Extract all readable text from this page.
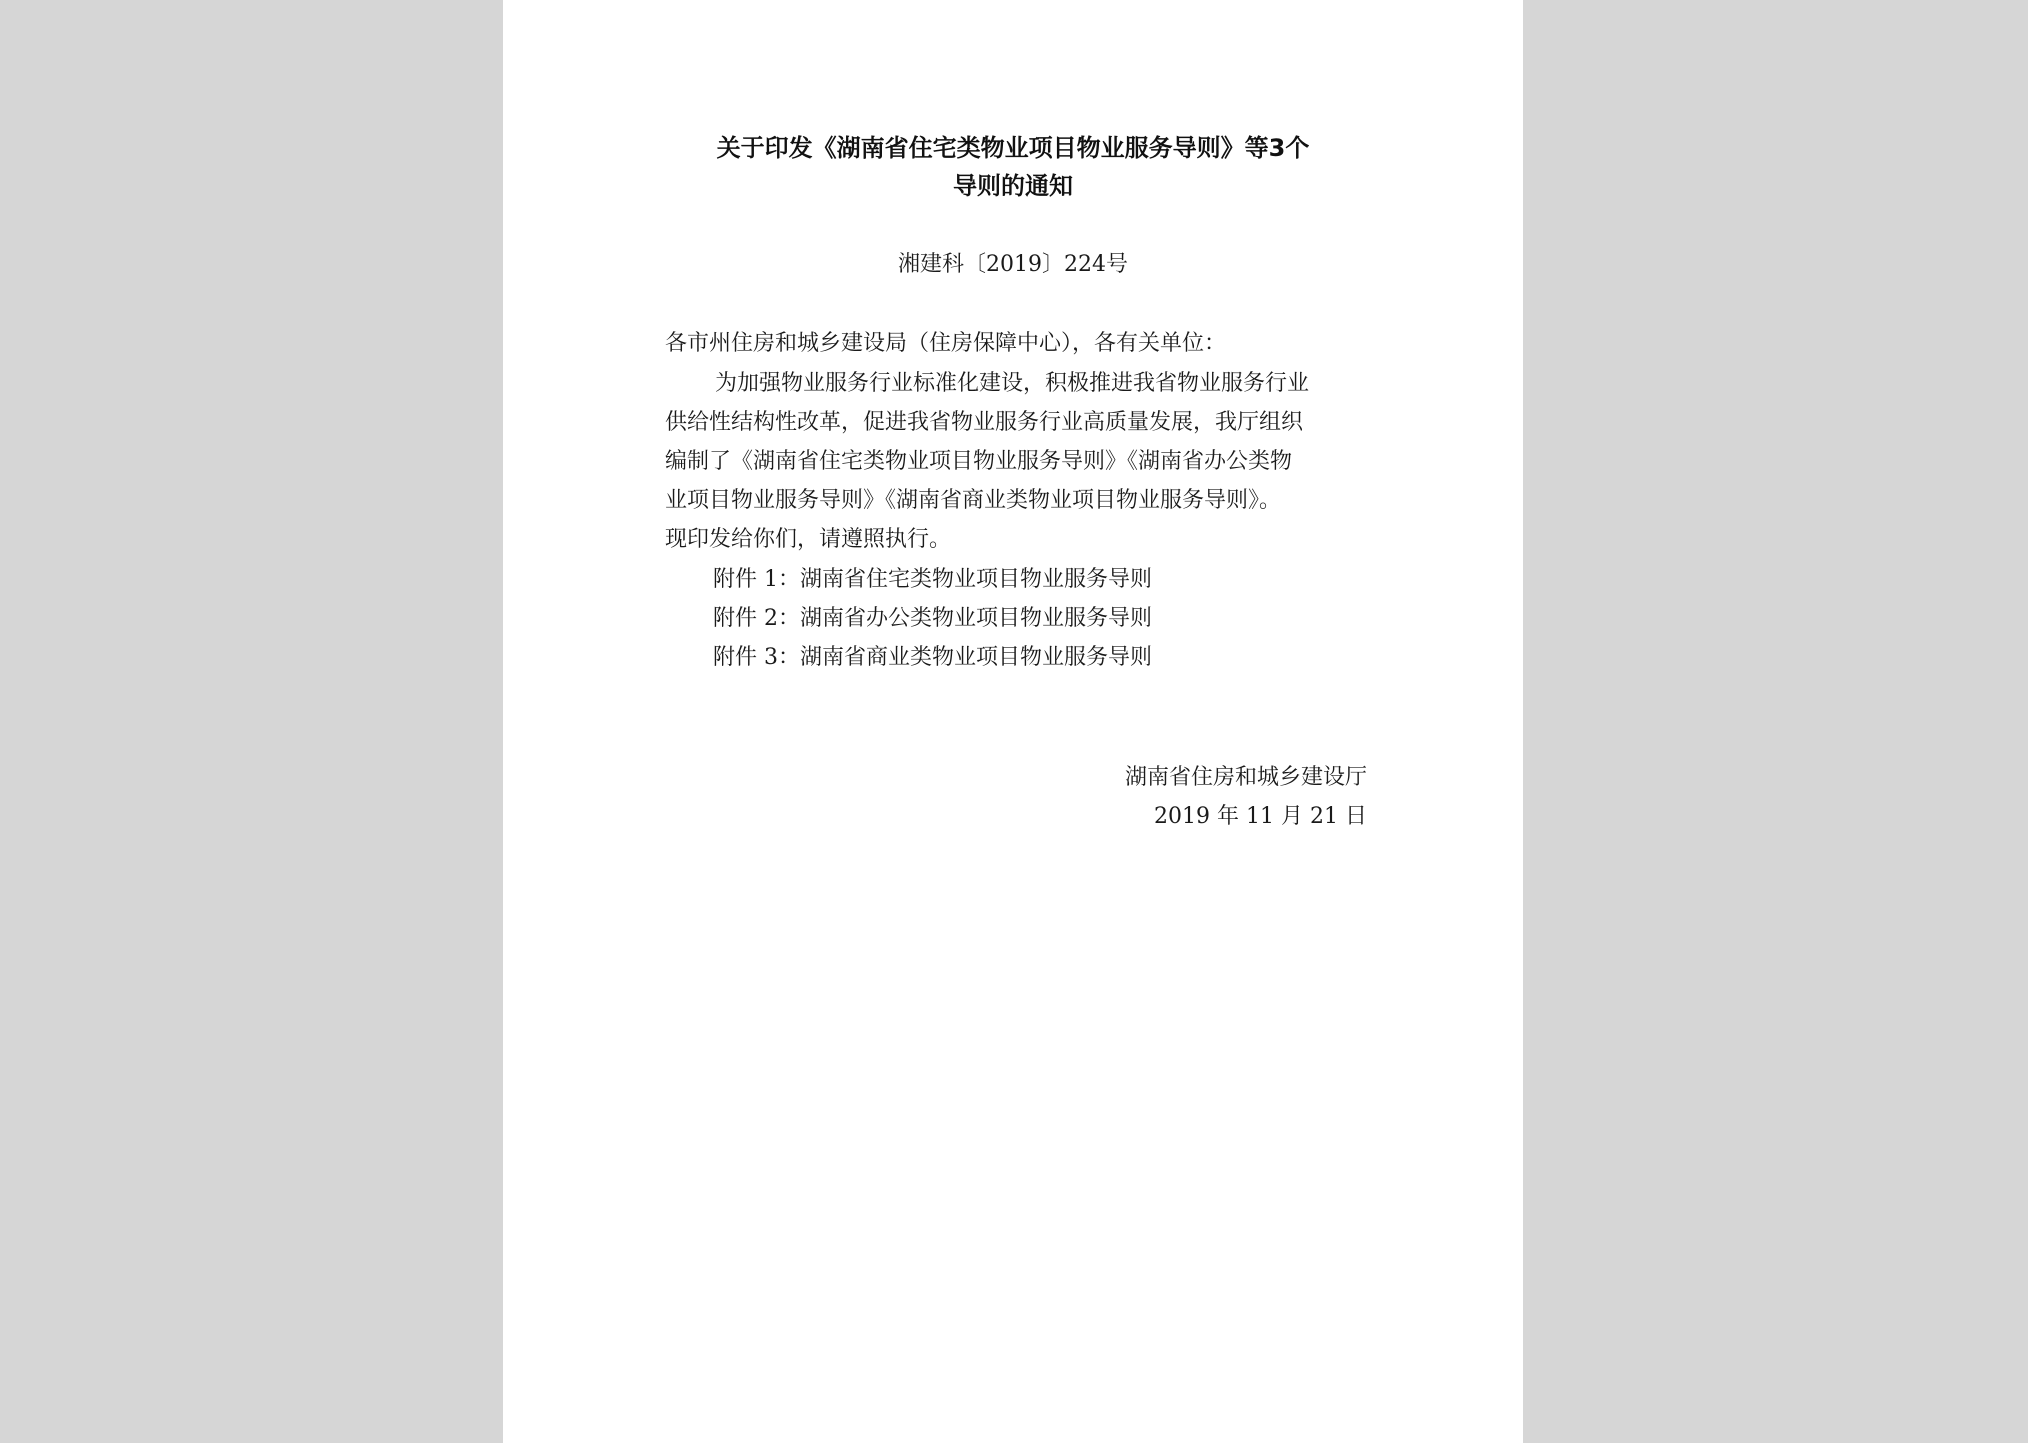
关于印发《湖南省住宅类物业项目物业服务导则》等3个
导则的通知
湘建科〔2019〕224号
各市州住房和城乡建设局（住房保障中心），各有关单位：
为加强物业服务行业标准化建设，积极推进我省物业服务行业
供给性结构性改革，促进我省物业服务行业高质量发展，我厅组织
编制了《湖南省住宅类物业项目物业服务导则》《湖南省办公类物
业项目物业服务导则》《湖南省商业类物业项目物业服务导则》。
现印发给你们，请遵照执行。
附件 1：湖南省住宅类物业项目物业服务导则
附件 2：湖南省办公类物业项目物业服务导则
附件 3：湖南省商业类物业项目物业服务导则
湖南省住房和城乡建设厅
2019 年 11 月 21 日
